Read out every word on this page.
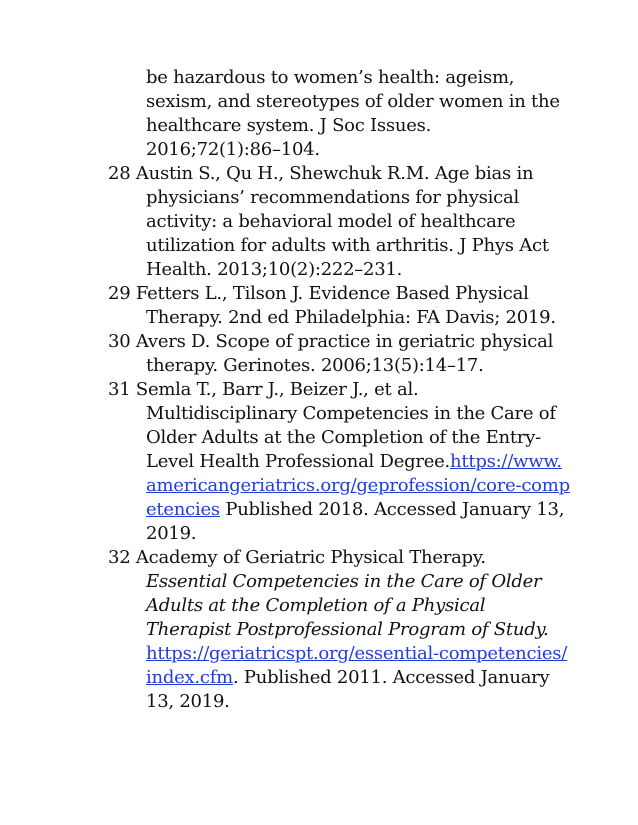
be hazardous to women’s health: ageism, sexism, and stereotypes of older women in the healthcare system. J Soc Issues. 2016;72(1):86–104.

28 Austin S., Qu H., Shewchuk R.M. Age bias in physicians’ recommendations for physical activity: a behavioral model of healthcare utilization for adults with arthritis. J Phys Act Health. 2013;10(2):222–231.

29 Fetters L., Tilson J. Evidence Based Physical Therapy. 2nd ed Philadelphia: FA Davis; 2019.

30 Avers D. Scope of practice in geriatric physical therapy. Gerinotes. 2006;13(5):14–17.

31 Semla T., Barr J., Beizer J., et al. Multidisciplinary Competencies in the Care of Older Adults at the Completion of the Entry-Level Health Professional Degree.https://www.americangeriatrics.org/geprofession/core-competencies Published 2018. Accessed January 13, 2019.

32 Academy of Geriatric Physical Therapy. Essential Competencies in the Care of Older Adults at the Completion of a Physical Therapist Postprofessional Program of Study.
https://geriatricspt.org/essential-competencies/index.cfm. Published 2011. Accessed January 13, 2019.
